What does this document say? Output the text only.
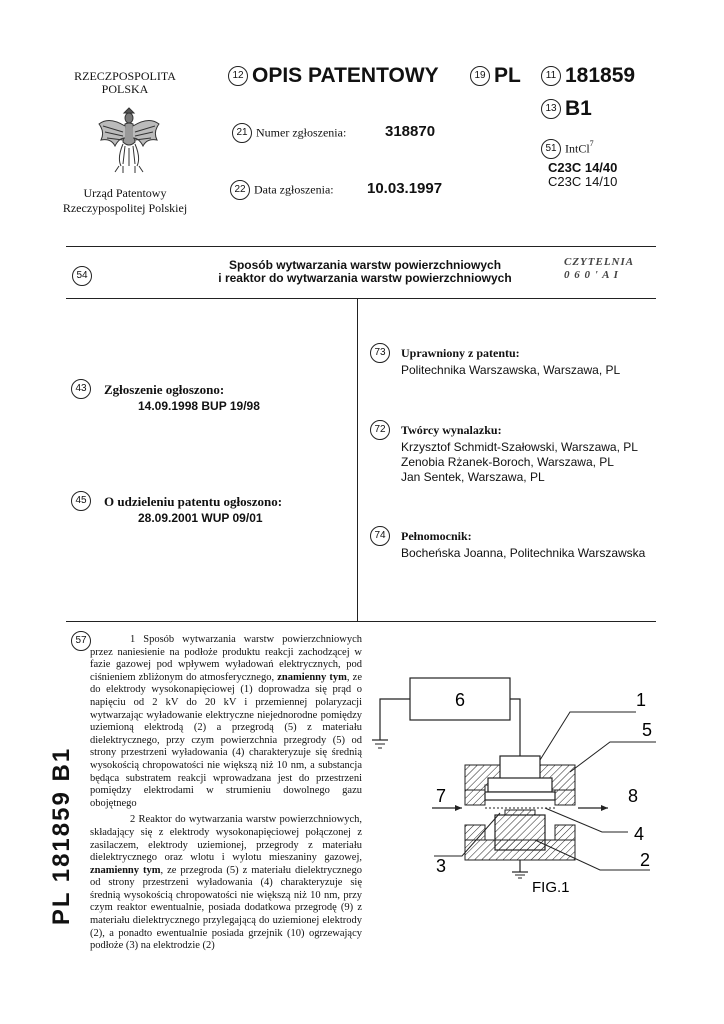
RZECZPOSPOLITA
POLSKA
Urząd Patentowy
Rzeczypospolitej Polskiej
12 OPIS PATENTOWY	19 PL	11 181859
13 B1
21 Numer zgłoszenia:	318870
22 Data zgłoszenia: 10.03.1997
51 IntCl$^7$
C23C 14/40
C23C 14/10
54
Sposób wytwarzania warstw powierzchniowych
i reaktor do wytwarzania warstw powierzchniowych
CZYTELNIA
0 6 0 ' A I
43	Zgłoszenie ogłoszono:
14.09.1998 BUP 19/98
45	O udzieleniu patentu ogłoszono:
28.09.2001 WUP 09/01
73	Uprawniony z patentu:
Politechnika Warszawska, Warszawa, PL
72	Twórcy wynalazku:
Krzysztof Schmidt-Szałowski, Warszawa, PL
Zenobia Rżanek-Boroch, Warszawa, PL
Jan Sentek, Warszawa, PL
74	Pełnomocnik:
Bocheńska Joanna, Politechnika Warszawska
57	1 Sposób wytwarzania warstw powierzchniowych przez naniesienie na podłoże produktu reakcji zachodzącej w fazie gazowej pod wpływem wyładowań elektrycznych, pod ciśnieniem zbliżonym do atmosferycznego, znamienny tym, ze do elektrody wysokonapięciowej (1) doprowadza się prąd o napięciu od 2 kV do 20 kV i przemiennej polaryzacji wytwarzając wyładowanie elektryczne niejednorodne pomiędzy uziemioną elektrodą (2) a przegrodą (5) z materiału dielektrycznego, przy czym powierzchnia przegrody (5) od strony przestrzeni wyładowania (4) charakteryzuje się średnią wysokością chropowatości nie większą niż 10 nm, a substancja będąca substratem reakcji wprowadzana jest do przestrzeni pomiędzy elektrodami w strumieniu dowolnego gazu obojętnego

2 Reaktor do wytwarzania warstw powierzchniowych, składający się z elektrody wysokonapięciowej połączonej z zasilaczem, elektrody uziemionej, przegrody z materiału dielektrycznego oraz wlotu i wylotu mieszaniny gazowej, znamienny tym, ze przegroda (5) z materiału dielektrycznego od strony przestrzeni wyładowania (4) charakteryzuje się średnią wysokością chropowatości nie większą niż 10 nm, przy czym reaktor ewentualnie, posiada dodatkowa przegrodę (9) z materiału dielektrycznego przylegającą do uziemionej elektrody (2), a ponadto ewentualnie posiada grzejnik (10) ogrzewający podłoże (3) na elektrodzie (2)

6	1
5
7	8
4
3	2
FIG.1
PL 181859 B1
